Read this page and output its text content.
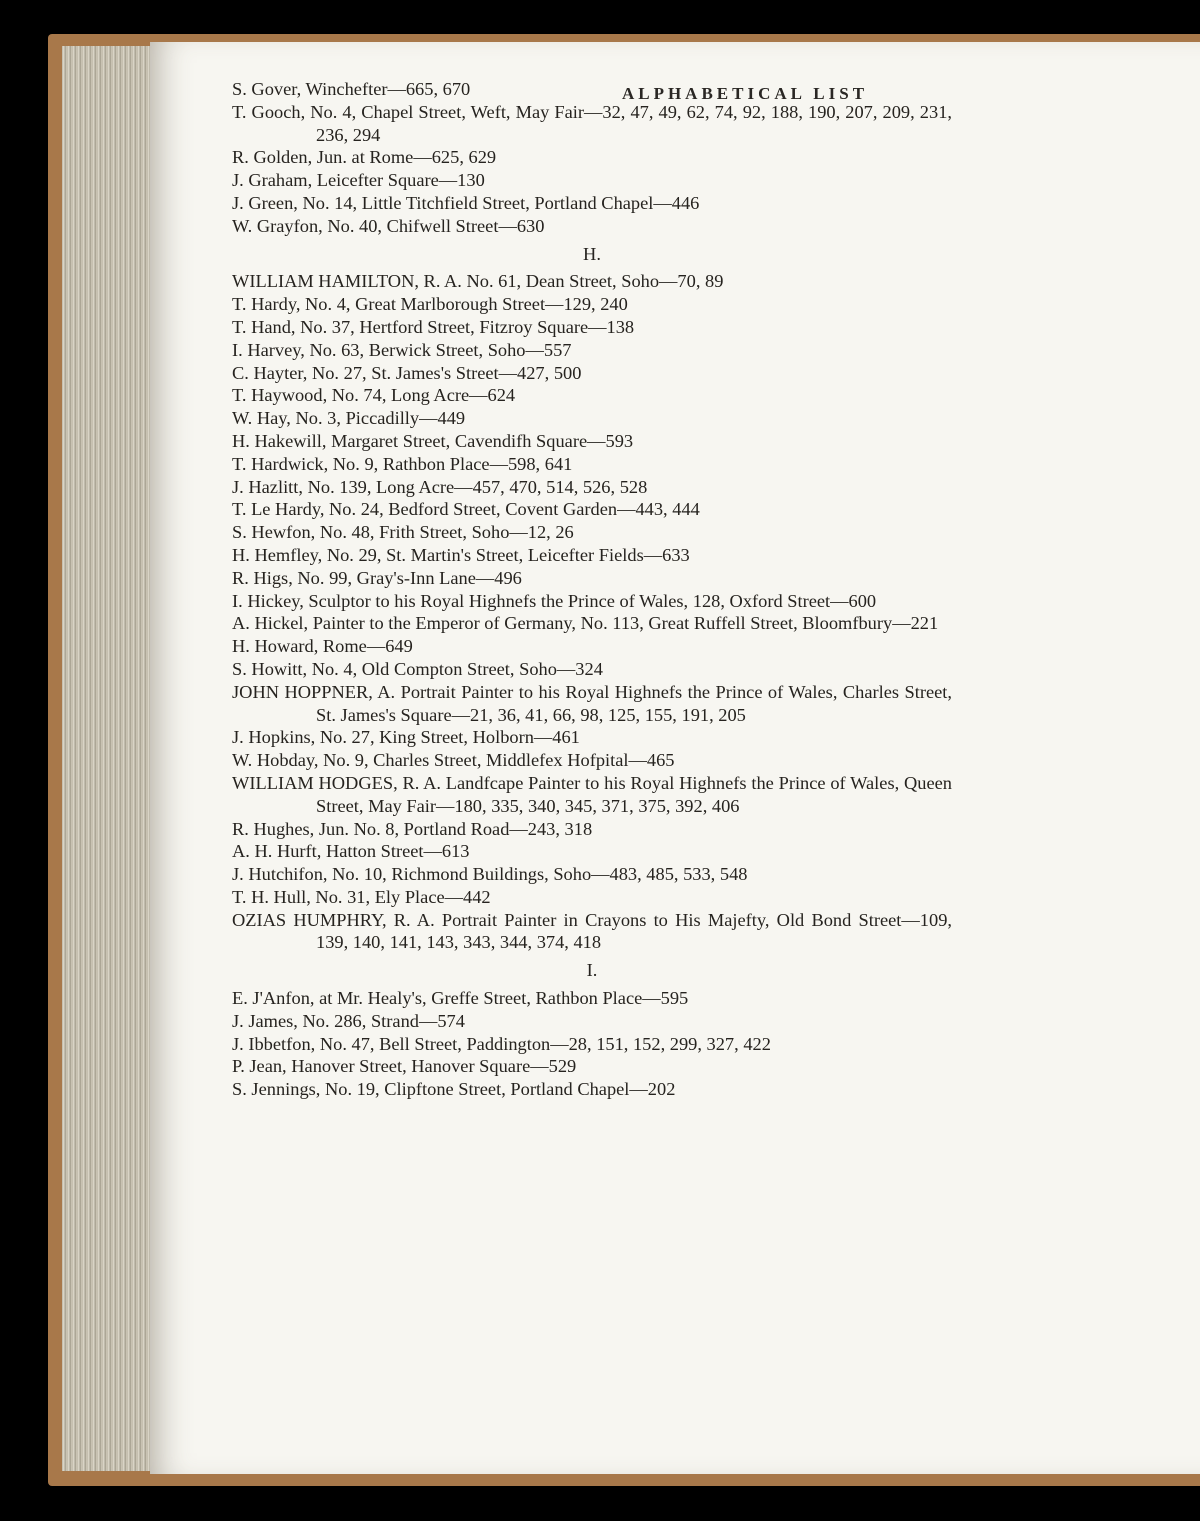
ALPHABETICAL LIST
S. Gover, Winchefter—665, 670
T. Gooch, No. 4, Chapel Street, Weft, May Fair—32, 47, 49, 62, 74, 92, 188, 190, 207, 209, 231, 236, 294
R. Golden, Jun. at Rome—625, 629
J. Graham, Leicefter Square—130
J. Green, No. 14, Little Titchfield Street, Portland Chapel—446
W. Grayfon, No. 40, Chifwell Street—630
H.
WILLIAM HAMILTON, R. A. No. 61, Dean Street, Soho—70, 89
T. Hardy, No. 4, Great Marlborough Street—129, 240
T. Hand, No. 37, Hertford Street, Fitzroy Square—138
I. Harvey, No. 63, Berwick Street, Soho—557
C. Hayter, No. 27, St. James's Street—427, 500
T. Haywood, No. 74, Long Acre—624
W. Hay, No. 3, Piccadilly—449
H. Hakewill, Margaret Street, Cavendifh Square—593
T. Hardwick, No. 9, Rathbon Place—598, 641
J. Hazlitt, No. 139, Long Acre—457, 470, 514, 526, 528
T. Le Hardy, No. 24, Bedford Street, Covent Garden—443, 444
S. Hewfon, No. 48, Frith Street, Soho—12, 26
H. Hemfley, No. 29, St. Martin's Street, Leicefter Fields—633
R. Higs, No. 99, Gray's-Inn Lane—496
I. Hickey, Sculptor to his Royal Highnefs the Prince of Wales, 128, Oxford Street—600
A. Hickel, Painter to the Emperor of Germany, No. 113, Great Ruffell Street, Bloomfbury—221
H. Howard, Rome—649
S. Howitt, No. 4, Old Compton Street, Soho—324
JOHN HOPPNER, A. Portrait Painter to his Royal Highnefs the Prince of Wales, Charles Street, St. James's Square—21, 36, 41, 66, 98, 125, 155, 191, 205
J. Hopkins, No. 27, King Street, Holborn—461
W. Hobday, No. 9, Charles Street, Middlefex Hofpital—465
WILLIAM HODGES, R. A. Landfcape Painter to his Royal Highnefs the Prince of Wales, Queen Street, May Fair—180, 335, 340, 345, 371, 375, 392, 406
R. Hughes, Jun. No. 8, Portland Road—243, 318
A. H. Hurft, Hatton Street—613
J. Hutchifon, No. 10, Richmond Buildings, Soho—483, 485, 533, 548
T. H. Hull, No. 31, Ely Place—442
OZIAS HUMPHRY, R. A. Portrait Painter in Crayons to His Majefty, Old Bond Street—109, 139, 140, 141, 143, 343, 344, 374, 418
I.
E. J'Anfon, at Mr. Healy's, Greffe Street, Rathbon Place—595
J. James, No. 286, Strand—574
J. Ibbetfon, No. 47, Bell Street, Paddington—28, 151, 152, 299, 327, 422
P. Jean, Hanover Street, Hanover Square—529
S. Jennings, No. 19, Clipftone Street, Portland Chapel—202
